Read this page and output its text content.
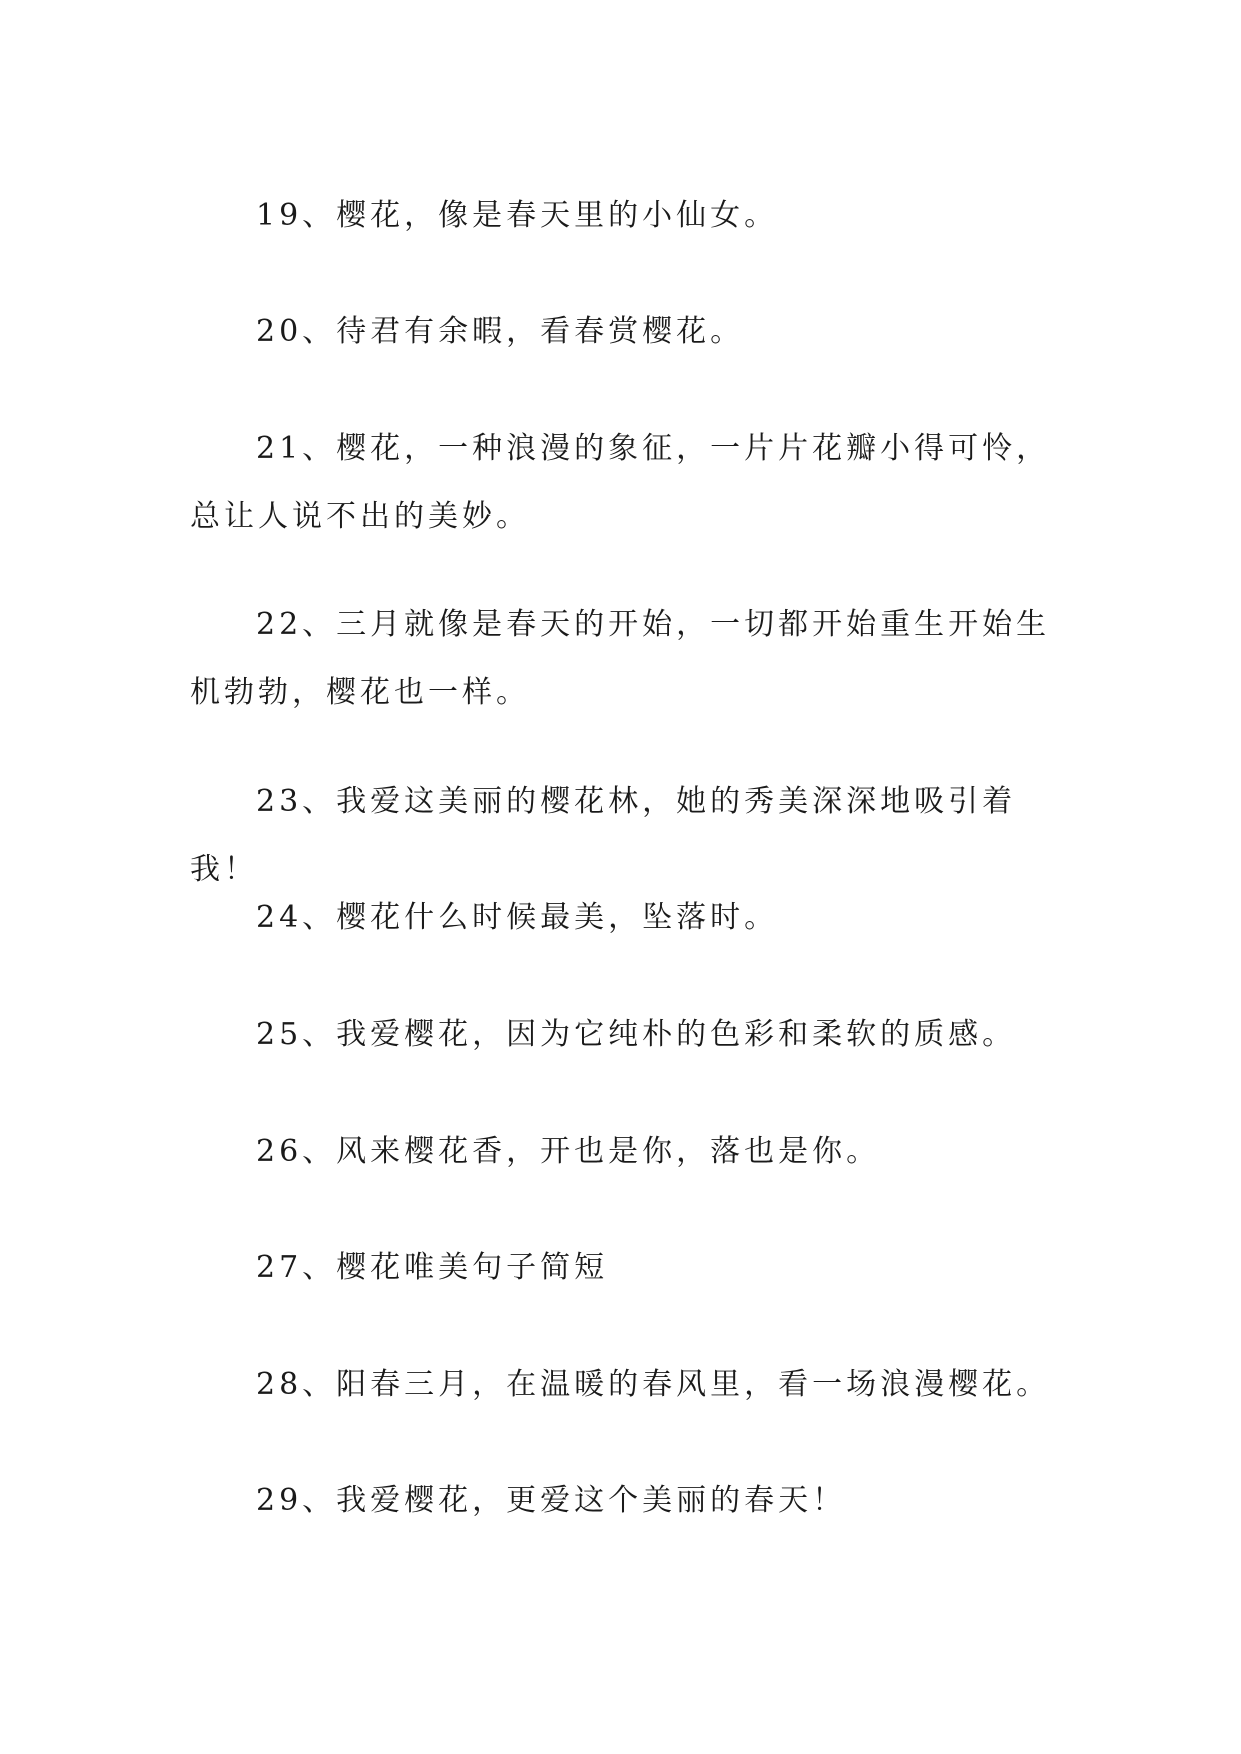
19、樱花，像是春天里的小仙女。

20、待君有余暇，看春赏樱花。

21、樱花，一种浪漫的象征，一片片花瓣小得可怜，总让人说不出的美妙。

22、三月就像是春天的开始，一切都开始重生开始生机勃勃，樱花也一样。

23、我爱这美丽的樱花林，她的秀美深深地吸引着我！

24、樱花什么时候最美，坠落时。

25、我爱樱花，因为它纯朴的色彩和柔软的质感。

26、风来樱花香，开也是你，落也是你。

27、樱花唯美句子简短

28、阳春三月，在温暖的春风里，看一场浪漫樱花。

29、我爱樱花，更爱这个美丽的春天！
